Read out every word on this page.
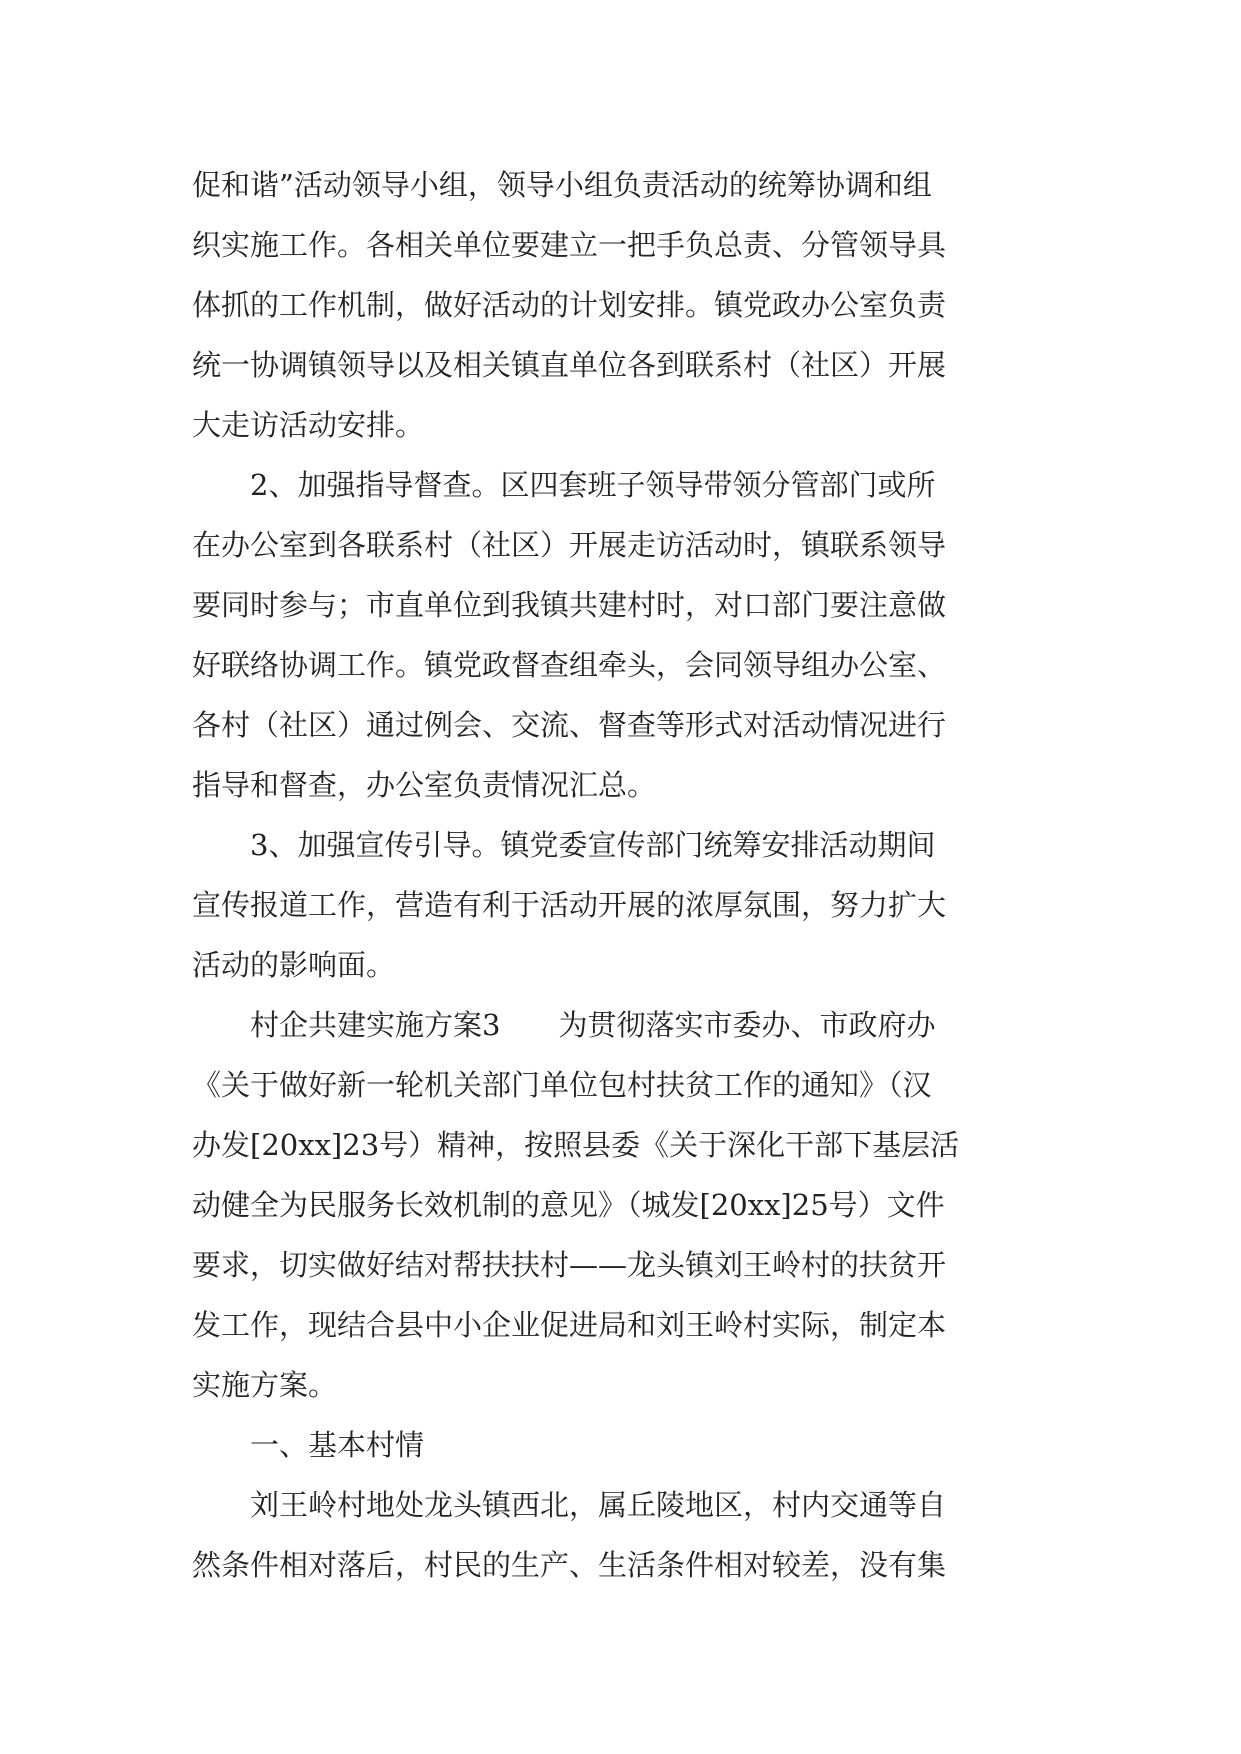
促和谐”活动领导小组，领导小组负责活动的统筹协调和组
织实施工作。各相关单位要建立一把手负总责、分管领导具
体抓的工作机制，做好活动的计划安排。镇党政办公室负责
统一协调镇领导以及相关镇直单位各到联系村（社区）开展
大走访活动安排。
2、加强指导督查。区四套班子领导带领分管部门或所
在办公室到各联系村（社区）开展走访活动时，镇联系领导
要同时参与；市直单位到我镇共建村时，对口部门要注意做
好联络协调工作。镇党政督查组牵头，会同领导组办公室、
各村（社区）通过例会、交流、督查等形式对活动情况进行
指导和督查，办公室负责情况汇总。
3、加强宣传引导。镇党委宣传部门统筹安排活动期间
宣传报道工作，营造有利于活动开展的浓厚氛围，努力扩大
活动的影响面。
村企共建实施方案3　　为贯彻落实市委办、市政府办
《关于做好新一轮机关部门单位包村扶贫工作的通知》（汉
办发[20xx]23号）精神，按照县委《关于深化干部下基层活
动健全为民服务长效机制的意见》（城发[20xx]25号）文件
要求，切实做好结对帮扶扶村——龙头镇刘王岭村的扶贫开
发工作，现结合县中小企业促进局和刘王岭村实际，制定本
实施方案。
一、基本村情
刘王岭村地处龙头镇西北，属丘陵地区，村内交通等自
然条件相对落后，村民的生产、生活条件相对较差，没有集
